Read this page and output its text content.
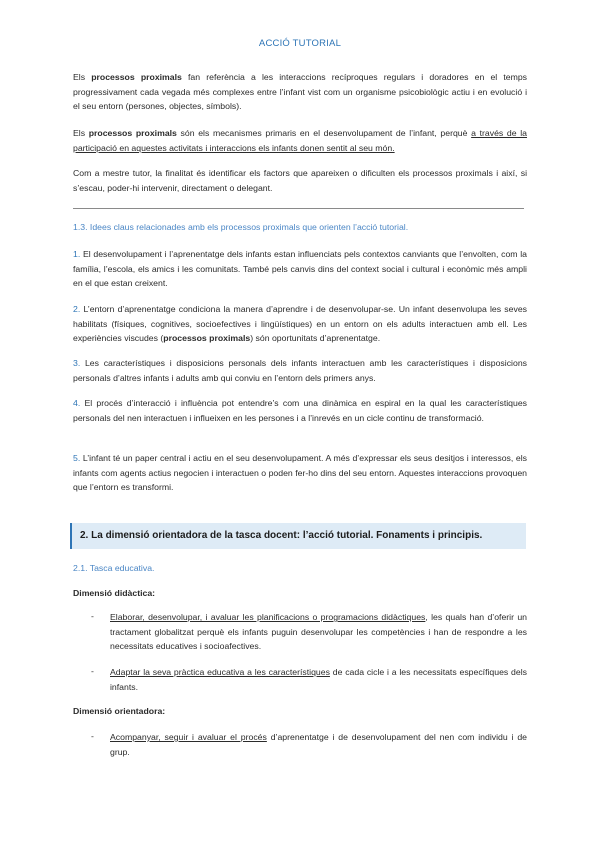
ACCIÓ TUTORIAL

Els processos proximals fan referència a les interaccions recíproques regulars i doradores en el temps progressivament cada vegada més complexes entre l’infant vist com un organisme psicobiològic actiu i en evolució i el seu entorn (persones, objectes, símbols).

Els processos proximals són els mecanismes primaris en el desenvolupament de l’infant, perquè a través de la participació en aquestes activitats i interaccions els infants donen sentit al seu món.

Com a mestre tutor, la finalitat és identificar els factors que apareixen o dificulten els processos proximals i així, si s’escau, poder-hi intervenir, directament o delegant.

1.3. Idees claus relacionades amb els processos proximals que orienten l’acció tutorial.

1. El desenvolupament i l’aprenentatge dels infants estan influenciats pels contextos canviants que l’envolten, com la família, l’escola, els amics i les comunitats. També pels canvis dins del context social i cultural i econòmic més ampli en el que estan creixent.

2. L’entorn d’aprenentatge condiciona la manera d’aprendre i de desenvolupar-se. Un infant desenvolupa les seves habilitats (físiques, cognitives, socioefectives i lingüístiques) en un entorn on els adults interactuen amb ell. Les experiències viscudes (processos proximals) són oportunitats d’aprenentatge.

3. Les característiques i disposicions personals dels infants interactuen amb les característiques i disposicions personals d’altres infants i adults amb qui conviu en l’entorn dels primers anys.

4. El procés d’interacció i influència pot entendre’s com una dinàmica en espiral en la qual les característiques personals del nen interactuen i influeixen en les persones i a l’inrevés en un cicle continu de transformació.

5. L’infant té un paper central i actiu en el seu desenvolupament. A més d’expressar els seus desitjos i interessos, els infants com agents actius negocien i interactuen o poden fer-ho dins del seu entorn. Aquestes interaccions provoquen que l’entorn es transformi.

2. La dimensió orientadora de la tasca docent: l’acció tutorial. Fonaments i principis.
2.1. Tasca educativa.
Dimensió didàctica:
- Elaborar, desenvolupar, i avaluar les planificacions o programacions didàctiques, les quals han d’oferir un tractament globalitzat perquè els infants puguin desenvolupar les competències i han de respondre a les necessitats educatives i socioafectives.

- Adaptar la seva pràctica educativa a les característiques de cada cicle i a les necessitats específiques dels infants.

Dimensió orientadora:
- Acompanyar, seguir i avaluar el procés d’aprenentatge i de desenvolupament del nen com individu i de grup.
